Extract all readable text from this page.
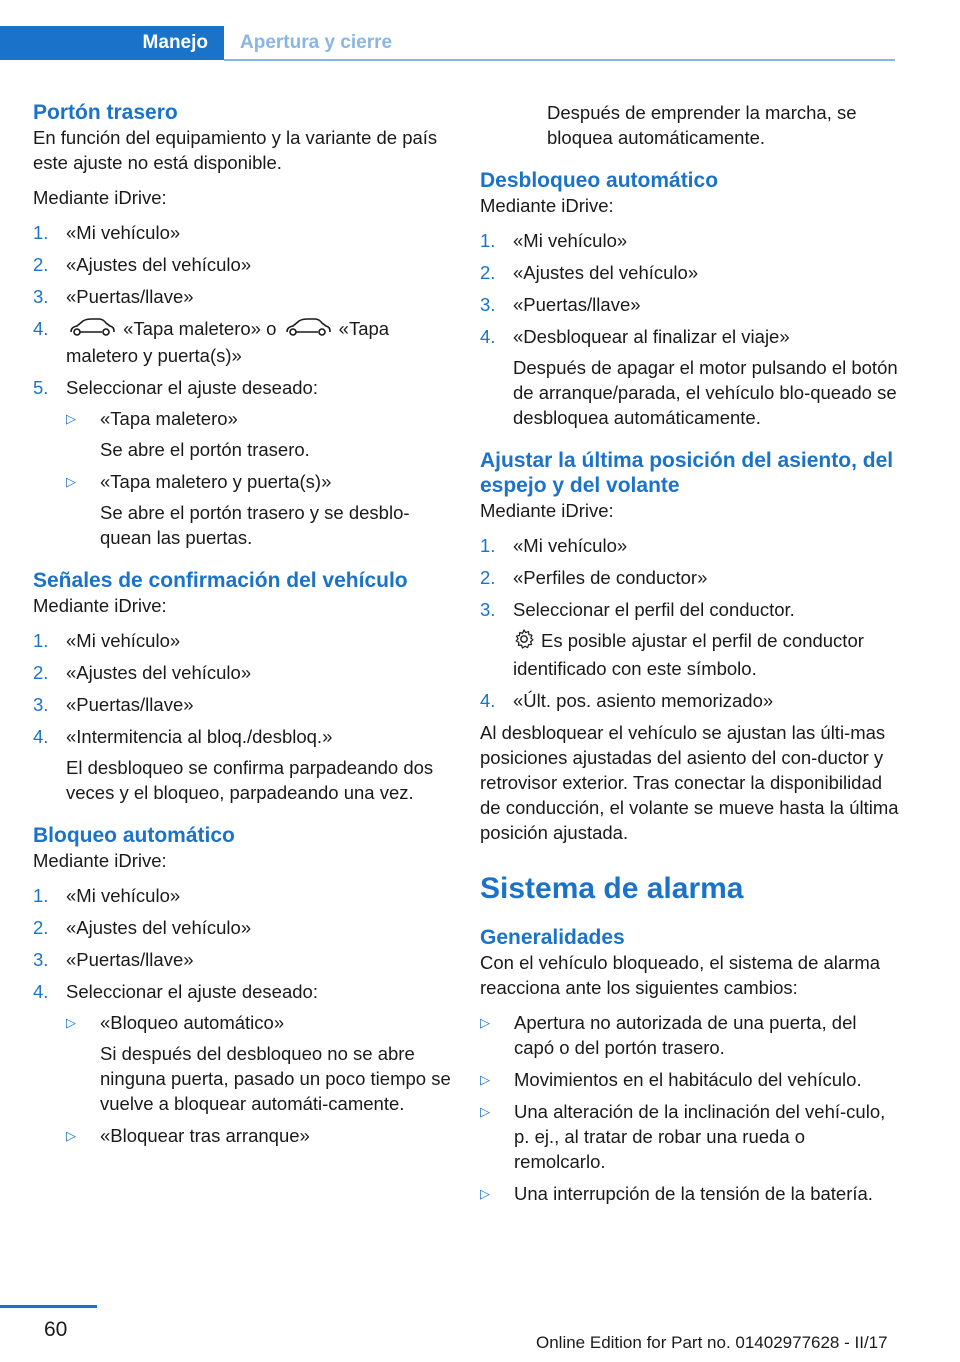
Manejo	Apertura y cierre
Portón trasero

En función del equipamiento y la variante de país este ajuste no está disponible.

Mediante iDrive:

1. «Mi vehículo»
2. «Ajustes del vehículo»
3. «Puertas/llave»
4.	«Tapa maletero» o	«Tapa maletero y puerta(s)»
5. Seleccionar el ajuste deseado:
▷ «Tapa maletero»

Se abre el portón trasero.

▷ «Tapa maletero y puerta(s)»

Se abre el portón trasero y se desblo-quean las puertas.

Señales de confirmación del vehículo

Mediante iDrive:

1. «Mi vehículo»
2. «Ajustes del vehículo»
3. «Puertas/llave»
4. «Intermitencia al bloq./desbloq.»

El desbloqueo se confirma parpadeando dos veces y el bloqueo, parpadeando una vez.

Bloqueo automático

Mediante iDrive:

1. «Mi vehículo»
2. «Ajustes del vehículo»
3. «Puertas/llave»
4. Seleccionar el ajuste deseado:
▷ «Bloqueo automático»

Si después del desbloqueo no se abre ninguna puerta, pasado un poco tiempo se vuelve a bloquear automáti-camente.

▷ «Bloquear tras arranque»

Después de emprender la marcha, se bloquea automáticamente.

Desbloqueo automático

Mediante iDrive:

1. «Mi vehículo»
2. «Ajustes del vehículo»
3. «Puertas/llave»
4. «Desbloquear al finalizar el viaje»

Después de apagar el motor pulsando el botón de arranque/parada, el vehículo blo-queado se desbloquea automáticamente.

Ajustar la última posición del asiento, del espejo y del volante

Mediante iDrive:

1. «Mi vehículo»
2. «Perfiles de conductor»
3. Seleccionar el perfil del conductor.

Es posible ajustar el perfil de conductor identificado con este símbolo.

4. «Últ. pos. asiento memorizado»

Al desbloquear el vehículo se ajustan las últi-mas posiciones ajustadas del asiento del con-ductor y retrovisor exterior. Tras conectar la disponibilidad de conducción, el volante se mueve hasta la última posición ajustada.

Sistema de alarma
Generalidades

Con el vehículo bloqueado, el sistema de alarma reacciona ante los siguientes cambios:

▷ Apertura no autorizada de una puerta, del capó o del portón trasero.
▷ Movimientos en el habitáculo del vehículo.
▷ Una alteración de la inclinación del vehí-culo, p. ej., al tratar de robar una rueda o remolcarlo.
▷ Una interrupción de la tensión de la batería.
60
Online Edition for Part no. 01402977628 - II/17
